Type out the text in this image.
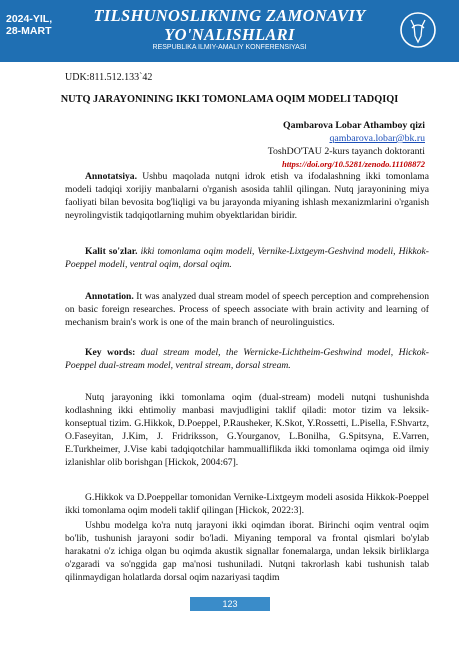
2024-YIL,
28-MART
TILSHUNOSLIKNING ZAMONAVIY
YO'NALISHLARI
RESPUBLIKA ILMIY-AMALIY KONFERENSIYASI
UDK:811.512.133`42
NUTQ JARAYONINING IKKI TOMONLAMA OQIM MODELI TADQIQI
Qambarova Lobar Athamboy qizi
qambarova.lobar@bk.ru
ToshDO'TAU 2-kurs tayanch doktoranti
https://doi.org/10.5281/zenodo.11108872

Annotatsiya. Ushbu maqolada nutqni idrok etish va ifodalashning ikki tomonlama modeli tadqiqi xorijiy manbalarni o'rganish asosida tahlil qilingan. Nutq jarayonining miya faoliyati bilan bevosita bog'liqligi va bu jarayonda miyaning ishlash mexanizmlarini o'rganish neyrolingvistik tadqiqotlarning muhim obyektlaridan biridir.

Kalit so'zlar. ikki tomonlama oqim modeli, Vernike-Lixtgeym-Geshvind modeli, Hikkok-Poeppel modeli, ventral oqim, dorsal oqim.

Annotation. It was analyzed dual stream model of speech perception and comprehension on basic foreign researches. Process of speech associate with brain activity and learning of mechanism brain's work is one of the main branch of neurolinguistics.

Key words: dual stream model, the Wernicke-Lichtheim-Geshwind model, Hickok-Poeppel dual-stream model, ventral stream, dorsal stream.

Nutq jarayoning ikki tomonlama oqim (dual-stream) modeli nutqni tushunishda kodlashning ikki ehtimoliy manbasi mavjudligini taklif qiladi: motor tizim va leksik-konseptual tizim. G.Hikkok, D.Poeppel, P.Rausheker, K.Skot, Y.Rossetti, L.Pisella, F.Shvartz, O.Faseyitan, J.Kim, J. Fridriksson, G.Yourganov, L.Bonilha, G.Spitsyna, E.Varren, E.Turkheimer, J.Vise kabi tadqiqotchilar hammualliflikda ikki tomonlama oqimga oid ilmiy izlanishlar olib borishgan [Hickok, 2004:67].

G.Hikkok va D.Poeppellar tomonidan Vernike-Lixtgeym modeli asosida Hikkok-Poeppel ikki tomonlama oqim modeli taklif qilingan [Hickok, 2022:3].

Ushbu modelga ko'ra nutq jarayoni ikki oqimdan iborat. Birinchi oqim ventral oqim bo'lib, tushunish jarayoni sodir bo'ladi. Miyaning temporal va frontal qismlari bo'ylab harakatni o'z ichiga olgan bu oqimda akustik signallar fonemalarga, undan leksik birliklarga o'zgaradi va so'nggida gap ma'nosi tushuniladi. Nutqni takrorlash kabi tushunish talab qilinmaydigan holatlarda dorsal oqim nazariyasi taqdim

123
